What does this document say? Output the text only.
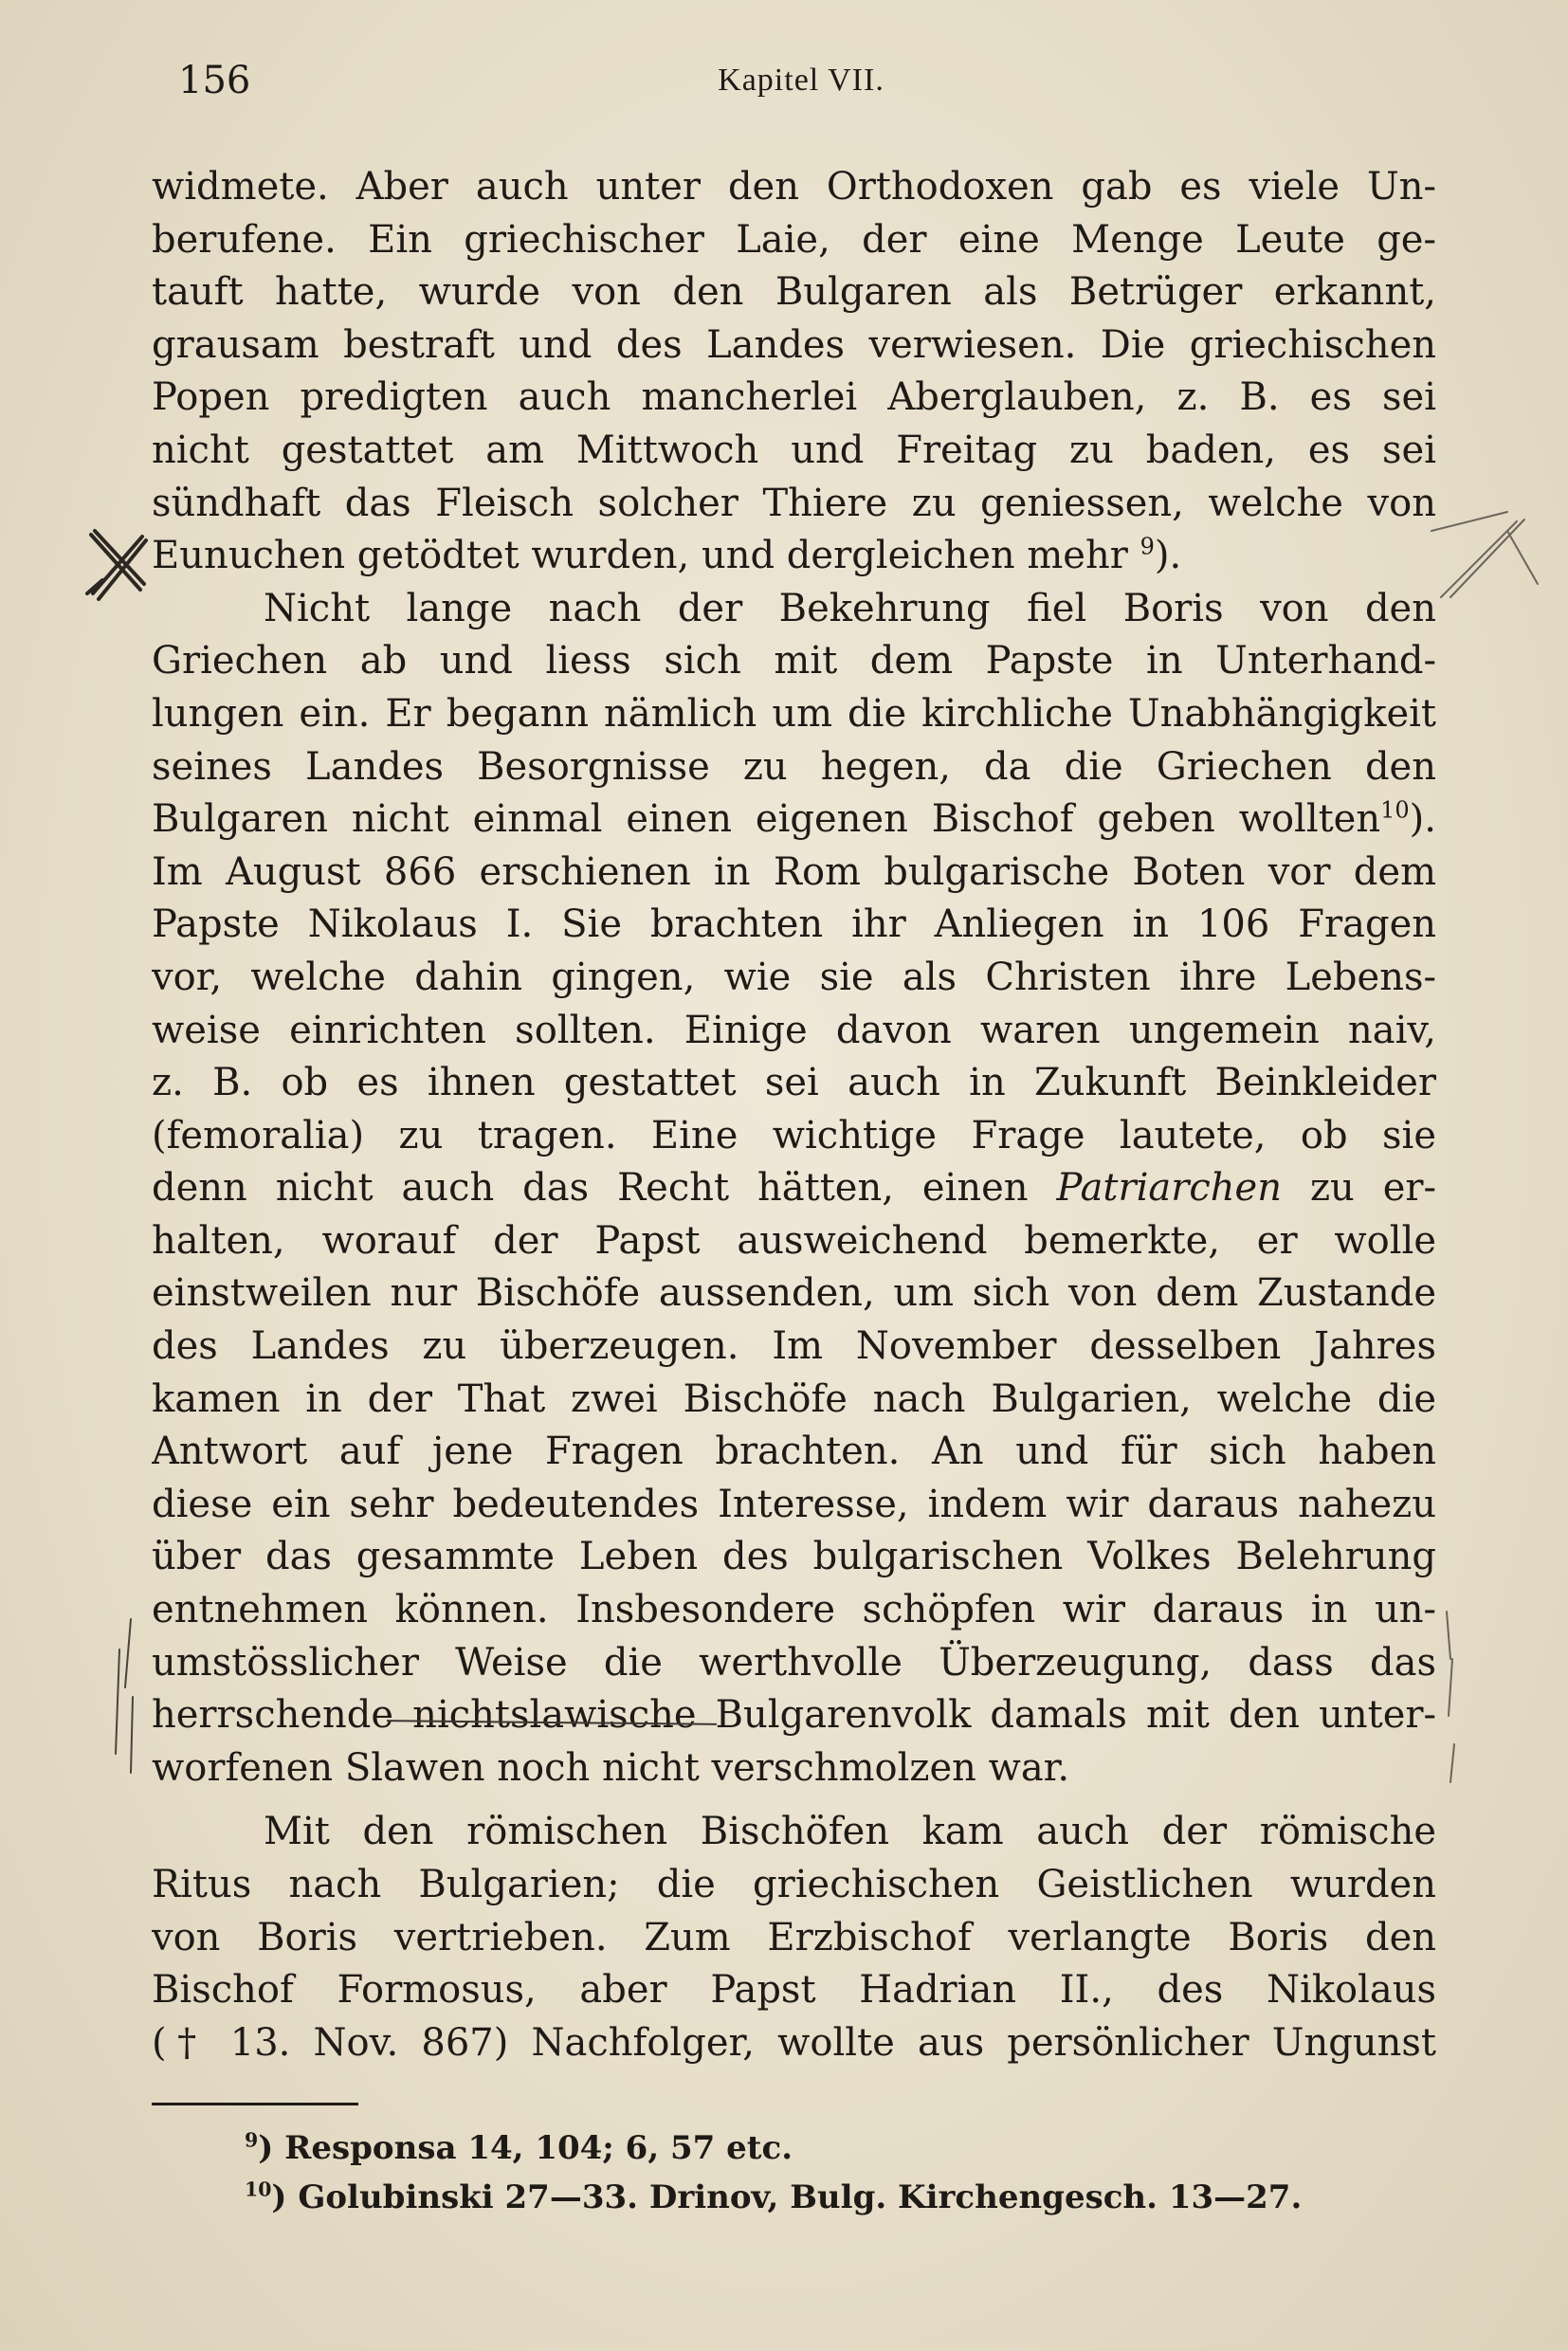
156	Kapitel VII.
widmete. Aber auch unter den Orthodoxen gab es viele Un-
berufene. Ein griechischer Laie, der eine Menge Leute ge-
tauft hatte, wurde von den Bulgaren als Betrüger erkannt,
grausam bestraft und des Landes verwiesen. Die griechischen
Popen predigten auch mancherlei Aberglauben, z. B. es sei
nicht gestattet am Mittwoch und Freitag zu baden, es sei
sündhaft das Fleisch solcher Thiere zu geniessen, welche von
Eunuchen getödtet wurden, und dergleichen mehr $^9$).
Nicht lange nach der Bekehrung fiel Boris von den
Griechen ab und liess sich mit dem Papste in Unterhand-
lungen ein. Er begann nämlich um die kirchliche Unabhängigkeit
seines Landes Besorgnisse zu hegen, da die Griechen den
Bulgaren nicht einmal einen eigenen Bischof geben wollten$^{10}$).
Im August 866 erschienen in Rom bulgarische Boten vor dem
Papste Nikolaus I. Sie brachten ihr Anliegen in 106 Fragen
vor, welche dahin gingen, wie sie als Christen ihre Lebens-
weise einrichten sollten. Einige davon waren ungemein naiv,
z. B. ob es ihnen gestattet sei auch in Zukunft Beinkleider
(femoralia) zu tragen. Eine wichtige Frage lautete, ob sie
denn nicht auch das Recht hätten, einen Patriarchen zu er-
halten, worauf der Papst ausweichend bemerkte, er wolle
einstweilen nur Bischöfe aussenden, um sich von dem Zustande
des Landes zu überzeugen. Im November desselben Jahres
kamen in der That zwei Bischöfe nach Bulgarien, welche die
Antwort auf jene Fragen brachten. An und für sich haben
diese ein sehr bedeutendes Interesse, indem wir daraus nahezu
über das gesammte Leben des bulgarischen Volkes Belehrung
entnehmen können. Insbesondere schöpfen wir daraus in un-
umstösslicher Weise die werthvolle Überzeugung, dass das
herrschende nichtslawische Bulgarenvolk damals mit den unter-
worfenen Slawen noch nicht verschmolzen war.
Mit den römischen Bischöfen kam auch der römische
Ritus nach Bulgarien; die griechischen Geistlichen wurden
von Boris vertrieben. Zum Erzbischof verlangte Boris den
Bischof Formosus, aber Papst Hadrian II., des Nikolaus
(† 13. Nov. 867) Nachfolger, wollte aus persönlicher Ungunst
$^9$) Responsa 14, 104; 6, 57 etc.
$^{10}$) Golubinski 27—33. Drinov, Bulg. Kirchengesch. 13—27.
